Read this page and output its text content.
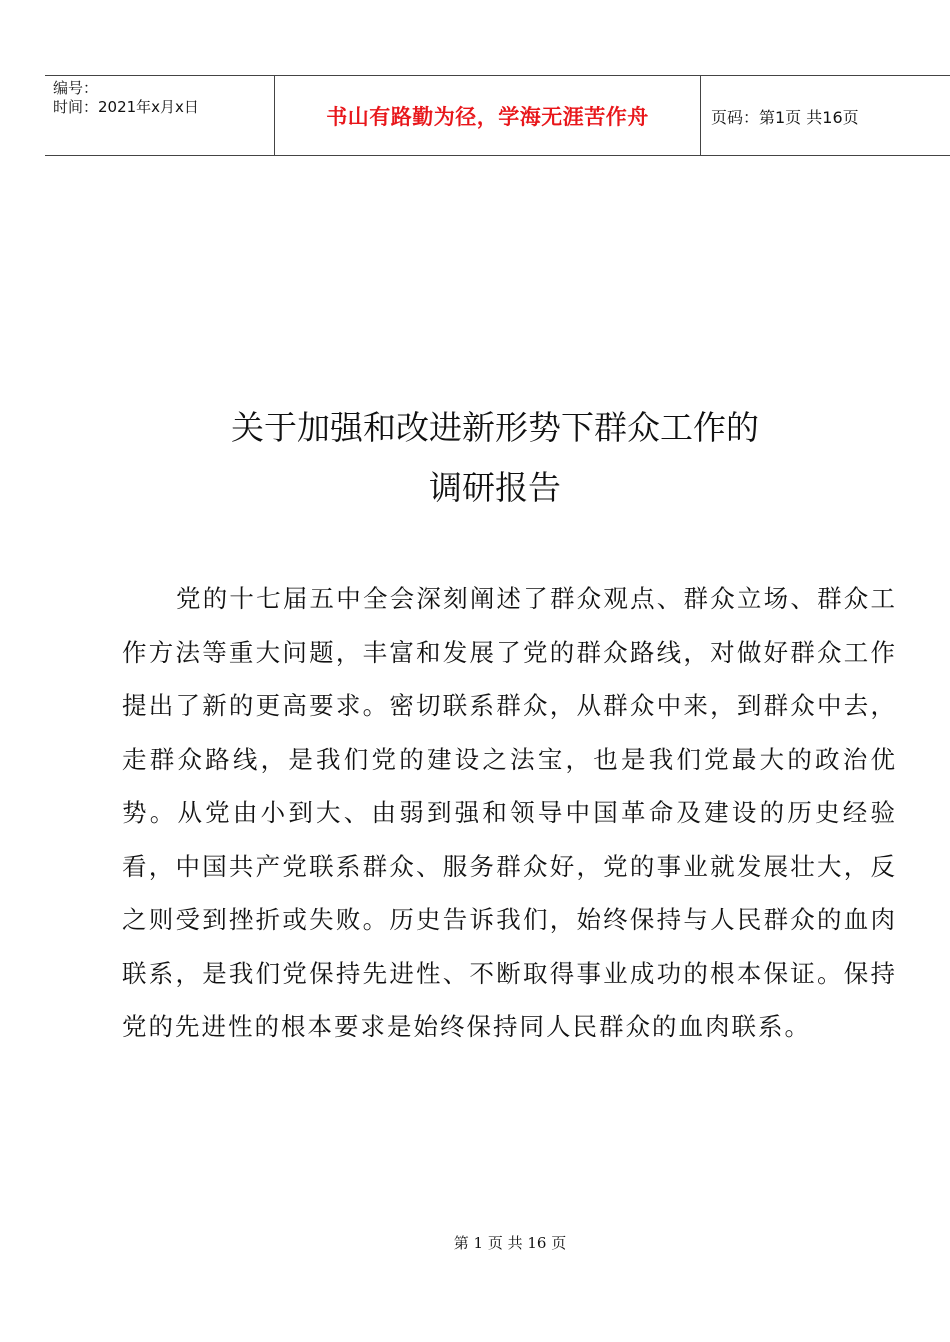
编号：
时间：2021年x月x日	书山有路勤为径，学海无涯苦作舟	页码：第1页 共16页
关于加强和改进新形势下群众工作的
调研报告

党的十七届五中全会深刻阐述了群众观点、群众立场、群众工作方法等重大问题，丰富和发展了党的群众路线，对做好群众工作提出了新的更高要求。密切联系群众，从群众中来，到群众中去，走群众路线，是我们党的建设之法宝，也是我们党最大的政治优势。从党由小到大、由弱到强和领导中国革命及建设的历史经验看，中国共产党联系群众、服务群众好，党的事业就发展壮大，反之则受到挫折或失败。历史告诉我们，始终保持与人民群众的血肉联系，是我们党保持先进性、不断取得事业成功的根本保证。保持党的先进性的根本要求是始终保持同人民群众的血肉联系。

第 1 页 共 16 页
